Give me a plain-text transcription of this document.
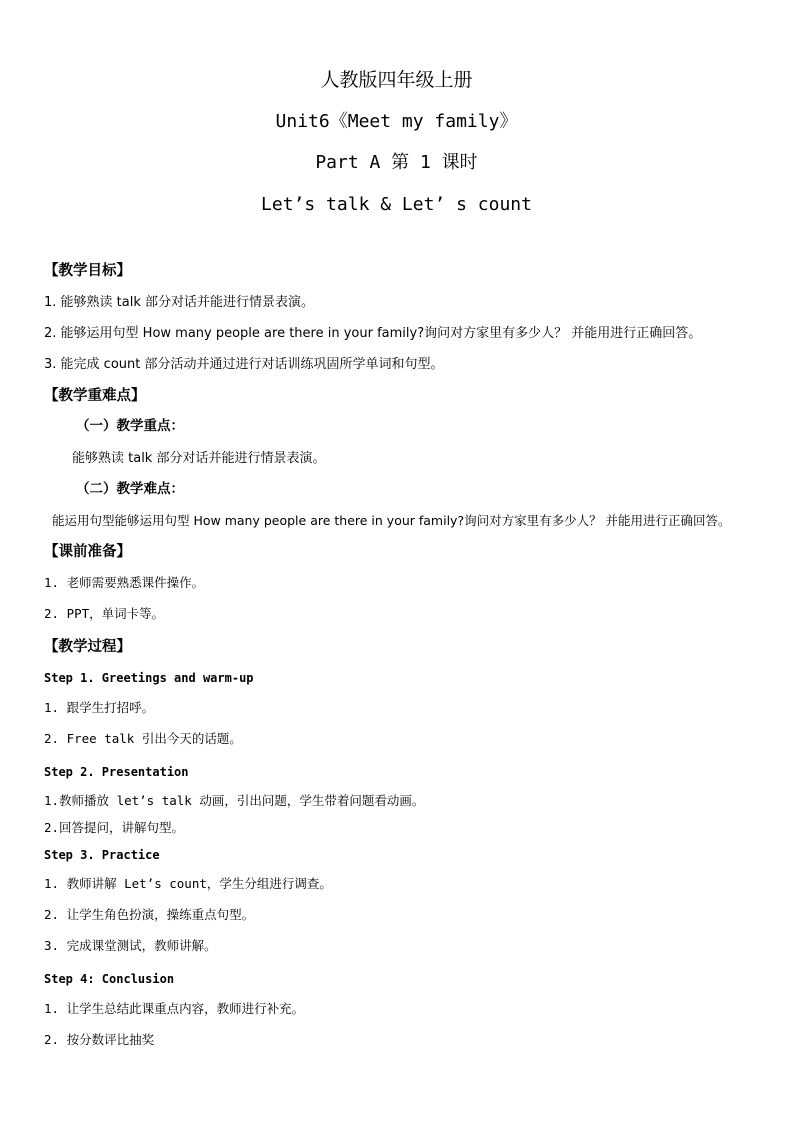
人教版四年级上册
Unit6《Meet my family》
Part A 第 1 课时
Let’s talk & Let’ s count
【教学目标】
1. 能够熟读 talk 部分对话并能进行情景表演。
2. 能够运用句型 How many people are there in your family?询问对方家里有多少人？ 并能用进行正确回答。
3. 能完成 count 部分活动并通过进行对话训练巩固所学单词和句型。
【教学重难点】
（一）教学重点：
能够熟读 talk 部分对话并能进行情景表演。
（二）教学难点：
能运用句型能够运用句型 How many people are there in your family?询问对方家里有多少人？ 并能用进行正确回答。
【课前准备】
1. 老师需要熟悉课件操作。
2. PPT，单词卡等。
【教学过程】
Step 1. Greetings and warm-up
1. 跟学生打招呼。
2. Free talk 引出今天的话题。
Step 2. Presentation
1.教师播放 let’s talk 动画，引出问题，学生带着问题看动画。
2.回答提问，讲解句型。
Step 3. Practice
1. 教师讲解 Let’s count，学生分组进行调查。
2. 让学生角色扮演，操练重点句型。
3. 完成课堂测试，教师讲解。
Step 4: Conclusion
1. 让学生总结此课重点内容，教师进行补充。
2. 按分数评比抽奖
